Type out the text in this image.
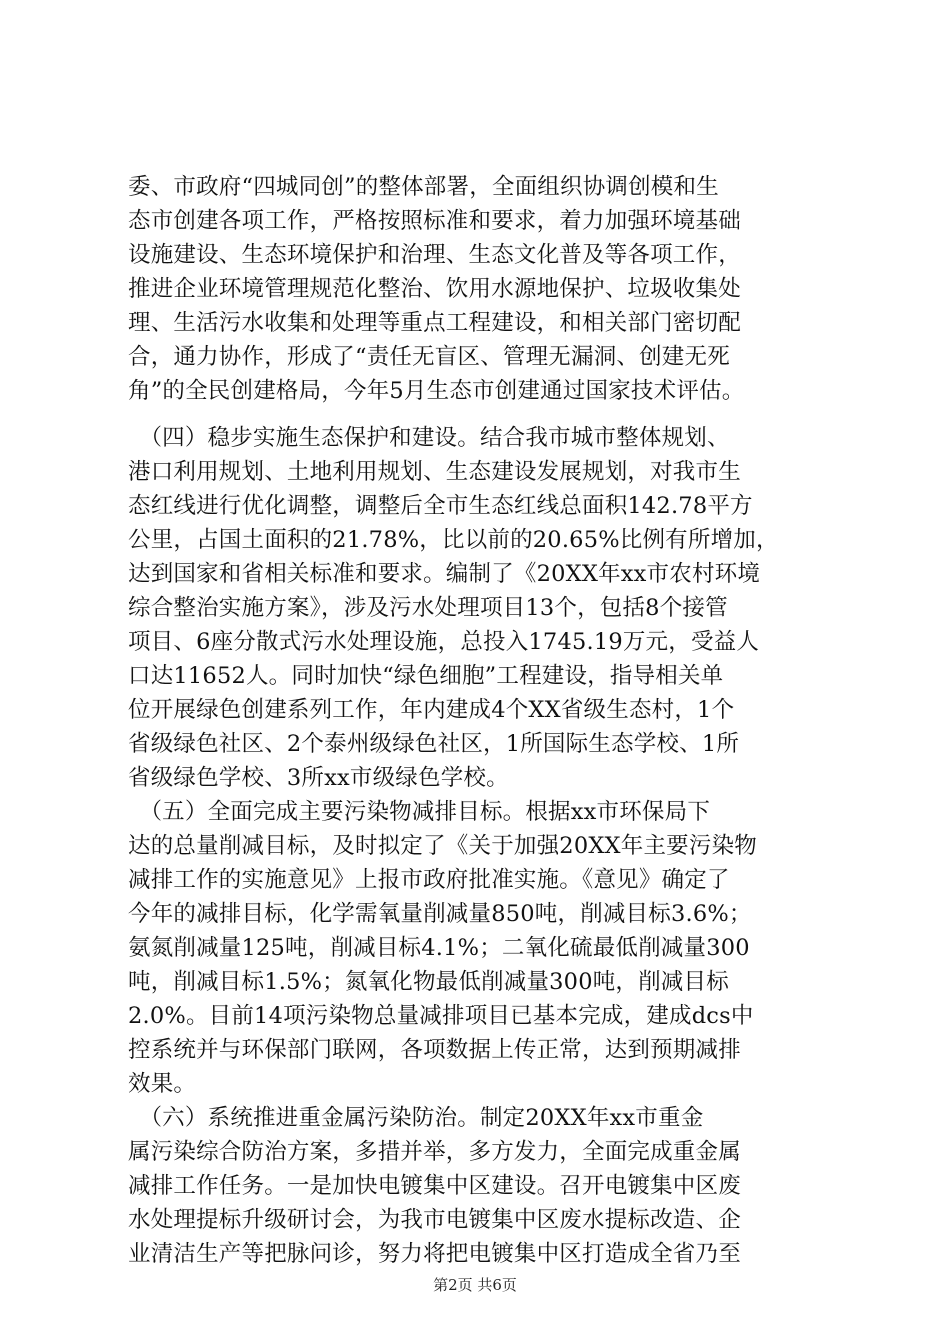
委、市政府“四城同创”的整体部署，全面组织协调创模和生
态市创建各项工作，严格按照标准和要求，着力加强环境基础
设施建设、生态环境保护和治理、生态文化普及等各项工作，
推进企业环境管理规范化整治、饮用水源地保护、垃圾收集处
理、生活污水收集和处理等重点工程建设，和相关部门密切配
合，通力协作，形成了“责任无盲区、管理无漏洞、创建无死
角”的全民创建格局，今年5月生态市创建通过国家技术评估。
　（四）稳步实施生态保护和建设。结合我市城市整体规划、
港口利用规划、土地利用规划、生态建设发展规划，对我市生
态红线进行优化调整，调整后全市生态红线总面积142.78平方
公里，占国土面积的21.78%，比以前的20.65%比例有所增加，
达到国家和省相关标准和要求。编制了《20XX年xx市农村环境
综合整治实施方案》，涉及污水处理项目13个，包括8个接管
项目、6座分散式污水处理设施，总投入1745.19万元，受益人
口达11652人。同时加快“绿色细胞”工程建设，指导相关单
位开展绿色创建系列工作，年内建成4个XX省级生态村，1个
省级绿色社区、2个泰州级绿色社区，1所国际生态学校、1所
省级绿色学校、3所xx市级绿色学校。
　（五）全面完成主要污染物减排目标。根据xx市环保局下
达的总量削减目标，及时拟定了《关于加强20XX年主要污染物
减排工作的实施意见》上报市政府批准实施。《意见》确定了
今年的减排目标，化学需氧量削减量850吨，削减目标3.6%；
氨氮削减量125吨，削减目标4.1%；二氧化硫最低削减量300
吨，削减目标1.5%；氮氧化物最低削减量300吨，削减目标
2.0%。目前14项污染物总量减排项目已基本完成，建成dcs中
控系统并与环保部门联网，各项数据上传正常，达到预期减排
效果。
　（六）系统推进重金属污染防治。制定20XX年xx市重金
属污染综合防治方案，多措并举，多方发力，全面完成重金属
减排工作任务。一是加快电镀集中区建设。召开电镀集中区废
水处理提标升级研讨会，为我市电镀集中区废水提标改造、企
业清洁生产等把脉问诊，努力将把电镀集中区打造成全省乃至
第2页 共6页
